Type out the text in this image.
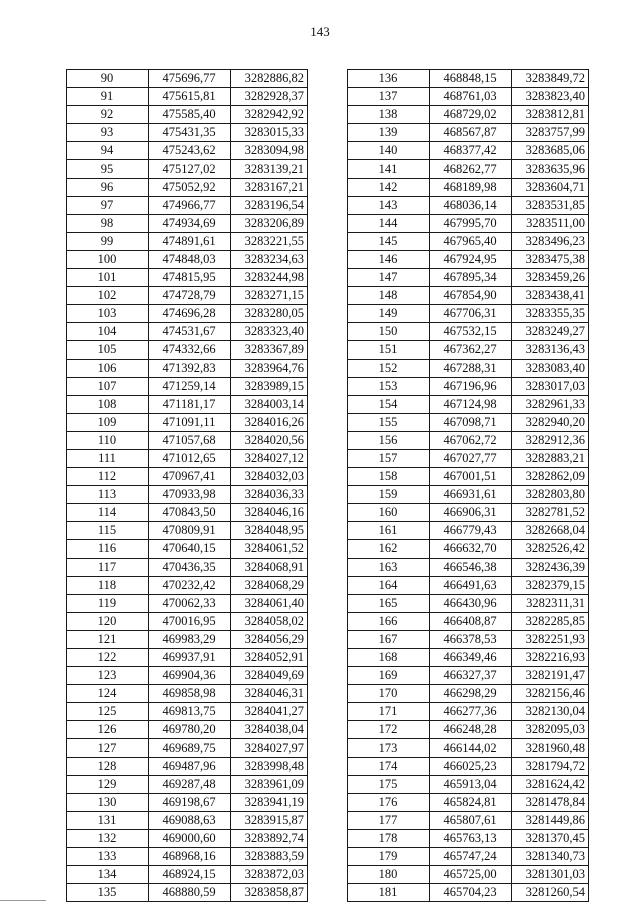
143
90	475696,77	3282886,82
91	475615,81	3282928,37
92	475585,40	3282942,92
93	475431,35	3283015,33
94	475243,62	3283094,98
95	475127,02	3283139,21
96	475052,92	3283167,21
97	474966,77	3283196,54
98	474934,69	3283206,89
99	474891,61	3283221,55
100	474848,03	3283234,63
101	474815,95	3283244,98
102	474728,79	3283271,15
103	474696,28	3283280,05
104	474531,67	3283323,40
105	474332,66	3283367,89
106	471392,83	3283964,76
107	471259,14	3283989,15
108	471181,17	3284003,14
109	471091,11	3284016,26
110	471057,68	3284020,56
111	471012,65	3284027,12
112	470967,41	3284032,03
113	470933,98	3284036,33
114	470843,50	3284046,16
115	470809,91	3284048,95
116	470640,15	3284061,52
117	470436,35	3284068,91
118	470232,42	3284068,29
119	470062,33	3284061,40
120	470016,95	3284058,02
121	469983,29	3284056,29
122	469937,91	3284052,91
123	469904,36	3284049,69
124	469858,98	3284046,31
125	469813,75	3284041,27
126	469780,20	3284038,04
127	469689,75	3284027,97
128	469487,96	3283998,48
129	469287,48	3283961,09
130	469198,67	3283941,19
131	469088,63	3283915,87
132	469000,60	3283892,74
133	468968,16	3283883,59
134	468924,15	3283872,03
135	468880,59	3283858,87
136	468848,15	3283849,72
137	468761,03	3283823,40
138	468729,02	3283812,81
139	468567,87	3283757,99
140	468377,42	3283685,06
141	468262,77	3283635,96
142	468189,98	3283604,71
143	468036,14	3283531,85
144	467995,70	3283511,00
145	467965,40	3283496,23
146	467924,95	3283475,38
147	467895,34	3283459,26
148	467854,90	3283438,41
149	467706,31	3283355,35
150	467532,15	3283249,27
151	467362,27	3283136,43
152	467288,31	3283083,40
153	467196,96	3283017,03
154	467124,98	3282961,33
155	467098,71	3282940,20
156	467062,72	3282912,36
157	467027,77	3282883,21
158	467001,51	3282862,09
159	466931,61	3282803,80
160	466906,31	3282781,52
161	466779,43	3282668,04
162	466632,70	3282526,42
163	466546,38	3282436,39
164	466491,63	3282379,15
165	466430,96	3282311,31
166	466408,87	3282285,85
167	466378,53	3282251,93
168	466349,46	3282216,93
169	466327,37	3282191,47
170	466298,29	3282156,46
171	466277,36	3282130,04
172	466248,28	3282095,03
173	466144,02	3281960,48
174	466025,23	3281794,72
175	465913,04	3281624,42
176	465824,81	3281478,84
177	465807,61	3281449,86
178	465763,13	3281370,45
179	465747,24	3281340,73
180	465725,00	3281301,03
181	465704,23	3281260,54
